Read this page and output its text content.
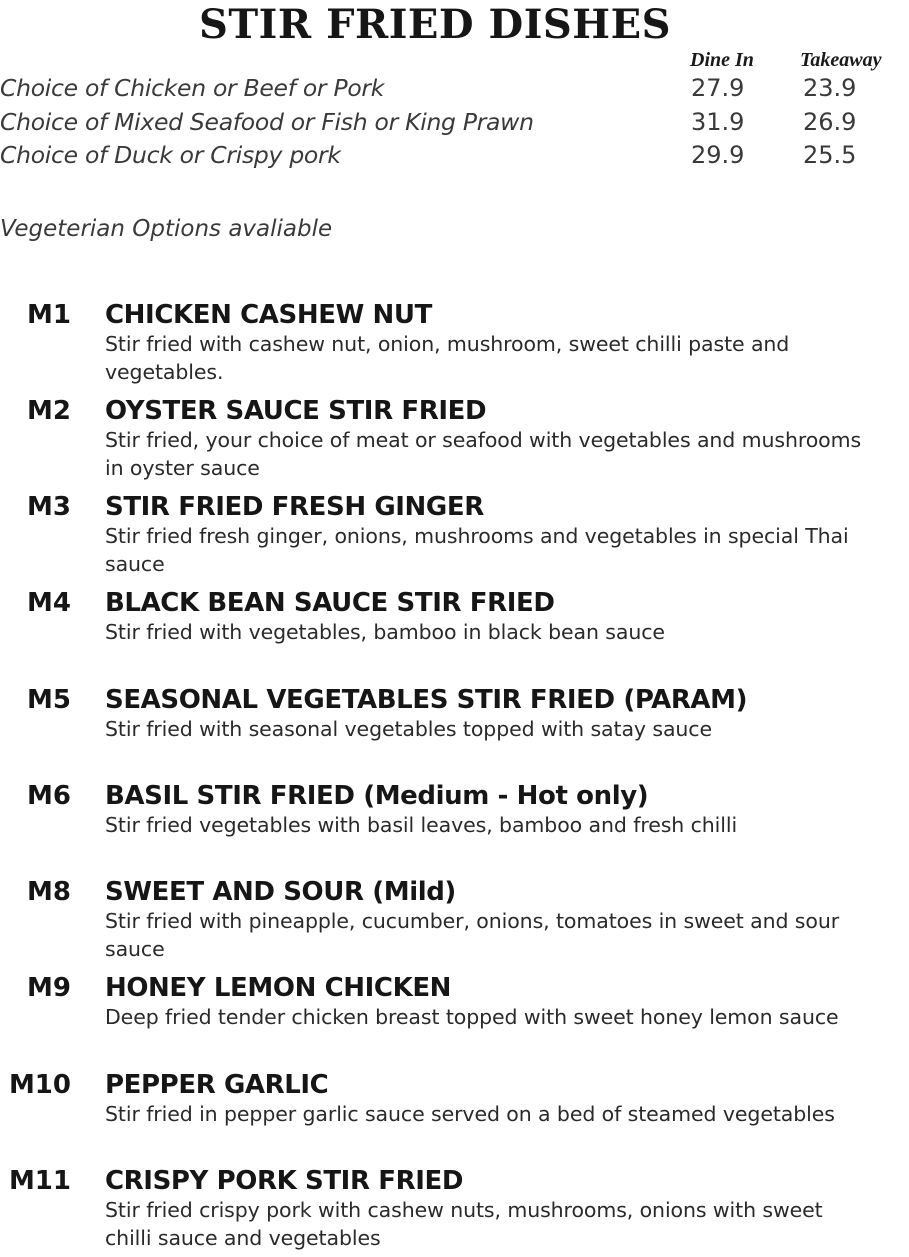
STIR FRIED DISHES
Dine In Takeaway
Choice of Chicken or Beef or Pork	27.9 23.9
Choice of Mixed Seafood or Fish or King Prawn	31.9 26.9
Choice of Duck or Crispy pork	29.9 25.5
Vegeterian Options avaliable
M1 CHICKEN CASHEW NUT
Stir fried with cashew nut, onion, mushroom, sweet chilli paste and vegetables.
M2 OYSTER SAUCE STIR FRIED
Stir fried, your choice of meat or seafood with vegetables and mushrooms in oyster sauce
M3 STIR FRIED FRESH GINGER
Stir fried fresh ginger, onions, mushrooms and vegetables in special Thai sauce
M4 BLACK BEAN SAUCE STIR FRIED
Stir fried with vegetables, bamboo in black bean sauce
M5 SEASONAL VEGETABLES STIR FRIED (PARAM)
Stir fried with seasonal vegetables topped with satay sauce
M6 BASIL STIR FRIED (Medium - Hot only)
Stir fried vegetables with basil leaves, bamboo and fresh chilli
M8 SWEET AND SOUR (Mild)
Stir fried with pineapple, cucumber, onions, tomatoes in sweet and sour sauce
M9 HONEY LEMON CHICKEN
Deep fried tender chicken breast topped with sweet honey lemon sauce
M10 PEPPER GARLIC
Stir fried in pepper garlic sauce served on a bed of steamed vegetables
M11 CRISPY PORK STIR FRIED
Stir fried crispy pork with cashew nuts, mushrooms, onions with sweet chilli sauce and vegetables
